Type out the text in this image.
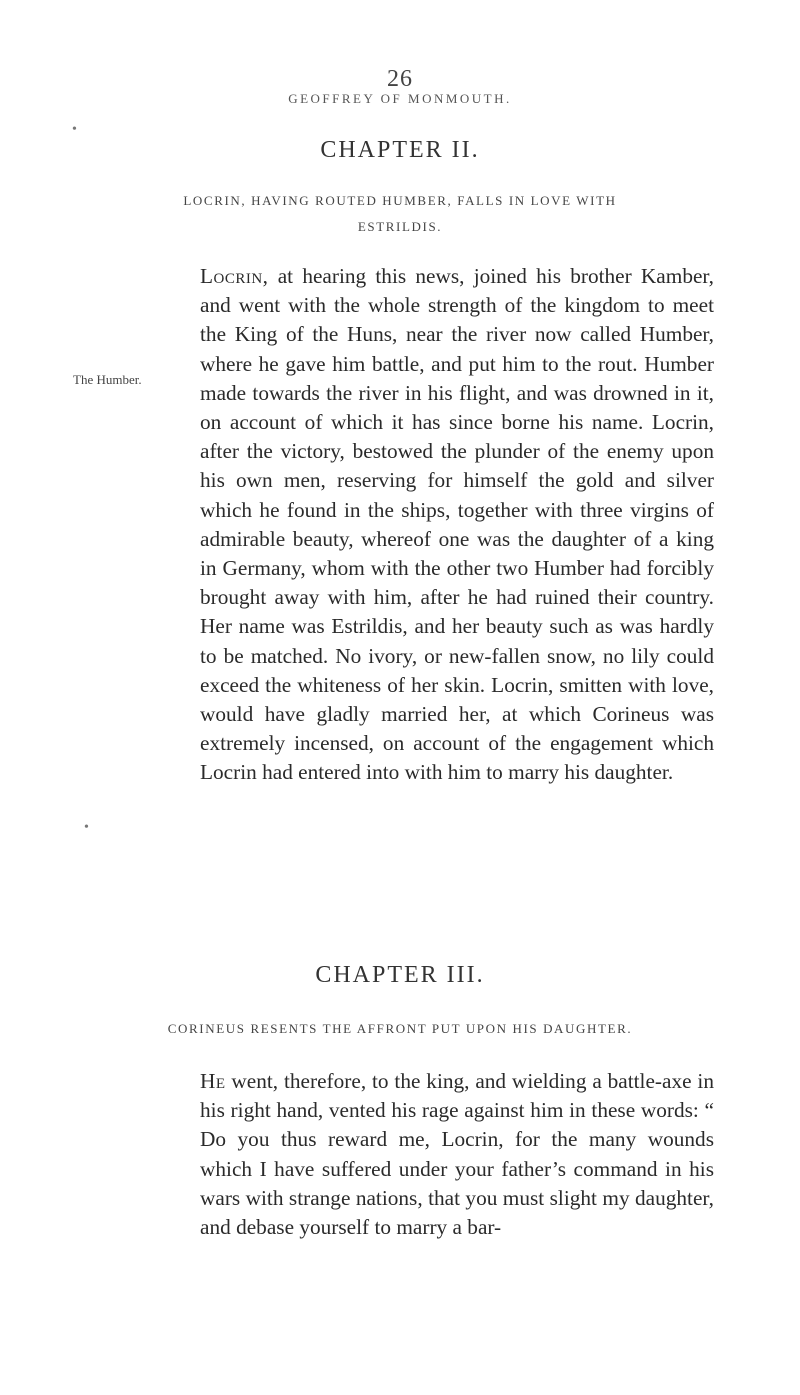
26
GEOFFREY OF MONMOUTH.
•
CHAPTER II.
LOCRIN, HAVING ROUTED HUMBER, FALLS IN LOVE WITH ESTRILDIS.
Locrin, at hearing this news, joined his brother Kamber, and went with the whole strength of the kingdom to meet the King of the Huns, near the river now called Humber, where he gave him battle, and put him to the rout. Humber made towards the river in his flight, and was drowned in it, on account of which it has since borne his name. Locrin, after the victory, bestowed the plunder of the enemy upon his own men, reserving for himself the gold and silver which he found in the ships, together with three virgins of admirable beauty, whereof one was the daughter of a king in Germany, whom with the other two Humber had forcibly brought away with him, after he had ruined their country. Her name was Estrildis, and her beauty such as was hardly to be matched. No ivory, or new-fallen snow, no lily could exceed the whiteness of her skin. Locrin, smitten with love, would have gladly married her, at which Corineus was extremely incensed, on account of the engagement which Locrin had entered into with him to marry his daughter.
The Humber.
•
CHAPTER III.
CORINEUS RESENTS THE AFFRONT PUT UPON HIS DAUGHTER.
He went, therefore, to the king, and wielding a battle-axe in his right hand, vented his rage against him in these words: “ Do you thus reward me, Locrin, for the many wounds which I have suffered under your father’s command in his wars with strange nations, that you must slight my daughter, and debase yourself to marry a bar-
